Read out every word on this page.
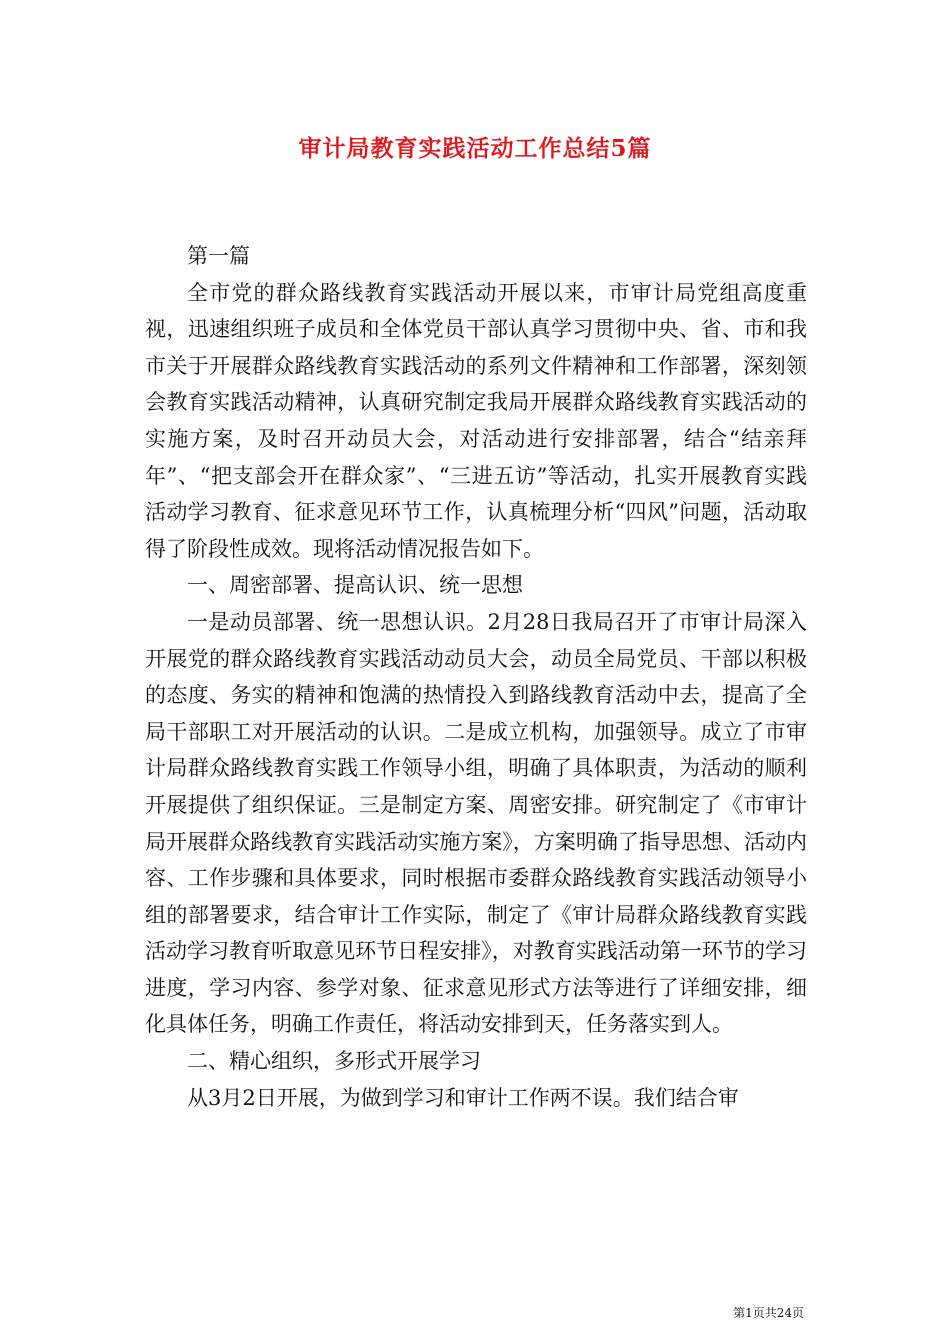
审计局教育实践活动工作总结5篇

第一篇

全市党的群众路线教育实践活动开展以来，市审计局党组高度重视，迅速组织班子成员和全体党员干部认真学习贯彻中央、省、市和我市关于开展群众路线教育实践活动的系列文件精神和工作部署，深刻领会教育实践活动精神，认真研究制定我局开展群众路线教育实践活动的实施方案，及时召开动员大会，对活动进行安排部署，结合“结亲拜年”、“把支部会开在群众家”、“三进五访”等活动，扎实开展教育实践活动学习教育、征求意见环节工作，认真梳理分析“四风”问题，活动取得了阶段性成效。现将活动情况报告如下。

一、周密部署、提高认识、统一思想

一是动员部署、统一思想认识。2月28日我局召开了市审计局深入开展党的群众路线教育实践活动动员大会，动员全局党员、干部以积极的态度、务实的精神和饱满的热情投入到路线教育活动中去，提高了全局干部职工对开展活动的认识。二是成立机构，加强领导。成立了市审计局群众路线教育实践工作领导小组，明确了具体职责，为活动的顺利开展提供了组织保证。三是制定方案、周密安排。研究制定了《市审计局开展群众路线教育实践活动实施方案》，方案明确了指导思想、活动内容、工作步骤和具体要求，同时根据市委群众路线教育实践活动领导小组的部署要求，结合审计工作实际，制定了《审计局群众路线教育实践活动学习教育听取意见环节日程安排》，对教育实践活动第一环节的学习进度，学习内容、参学对象、征求意见形式方法等进行了详细安排，细化具体任务，明确工作责任，将活动安排到天，任务落实到人。

二、精心组织，多形式开展学习

从3月2日开展，为做到学习和审计工作两不误。我们结合审

第1页共24页
